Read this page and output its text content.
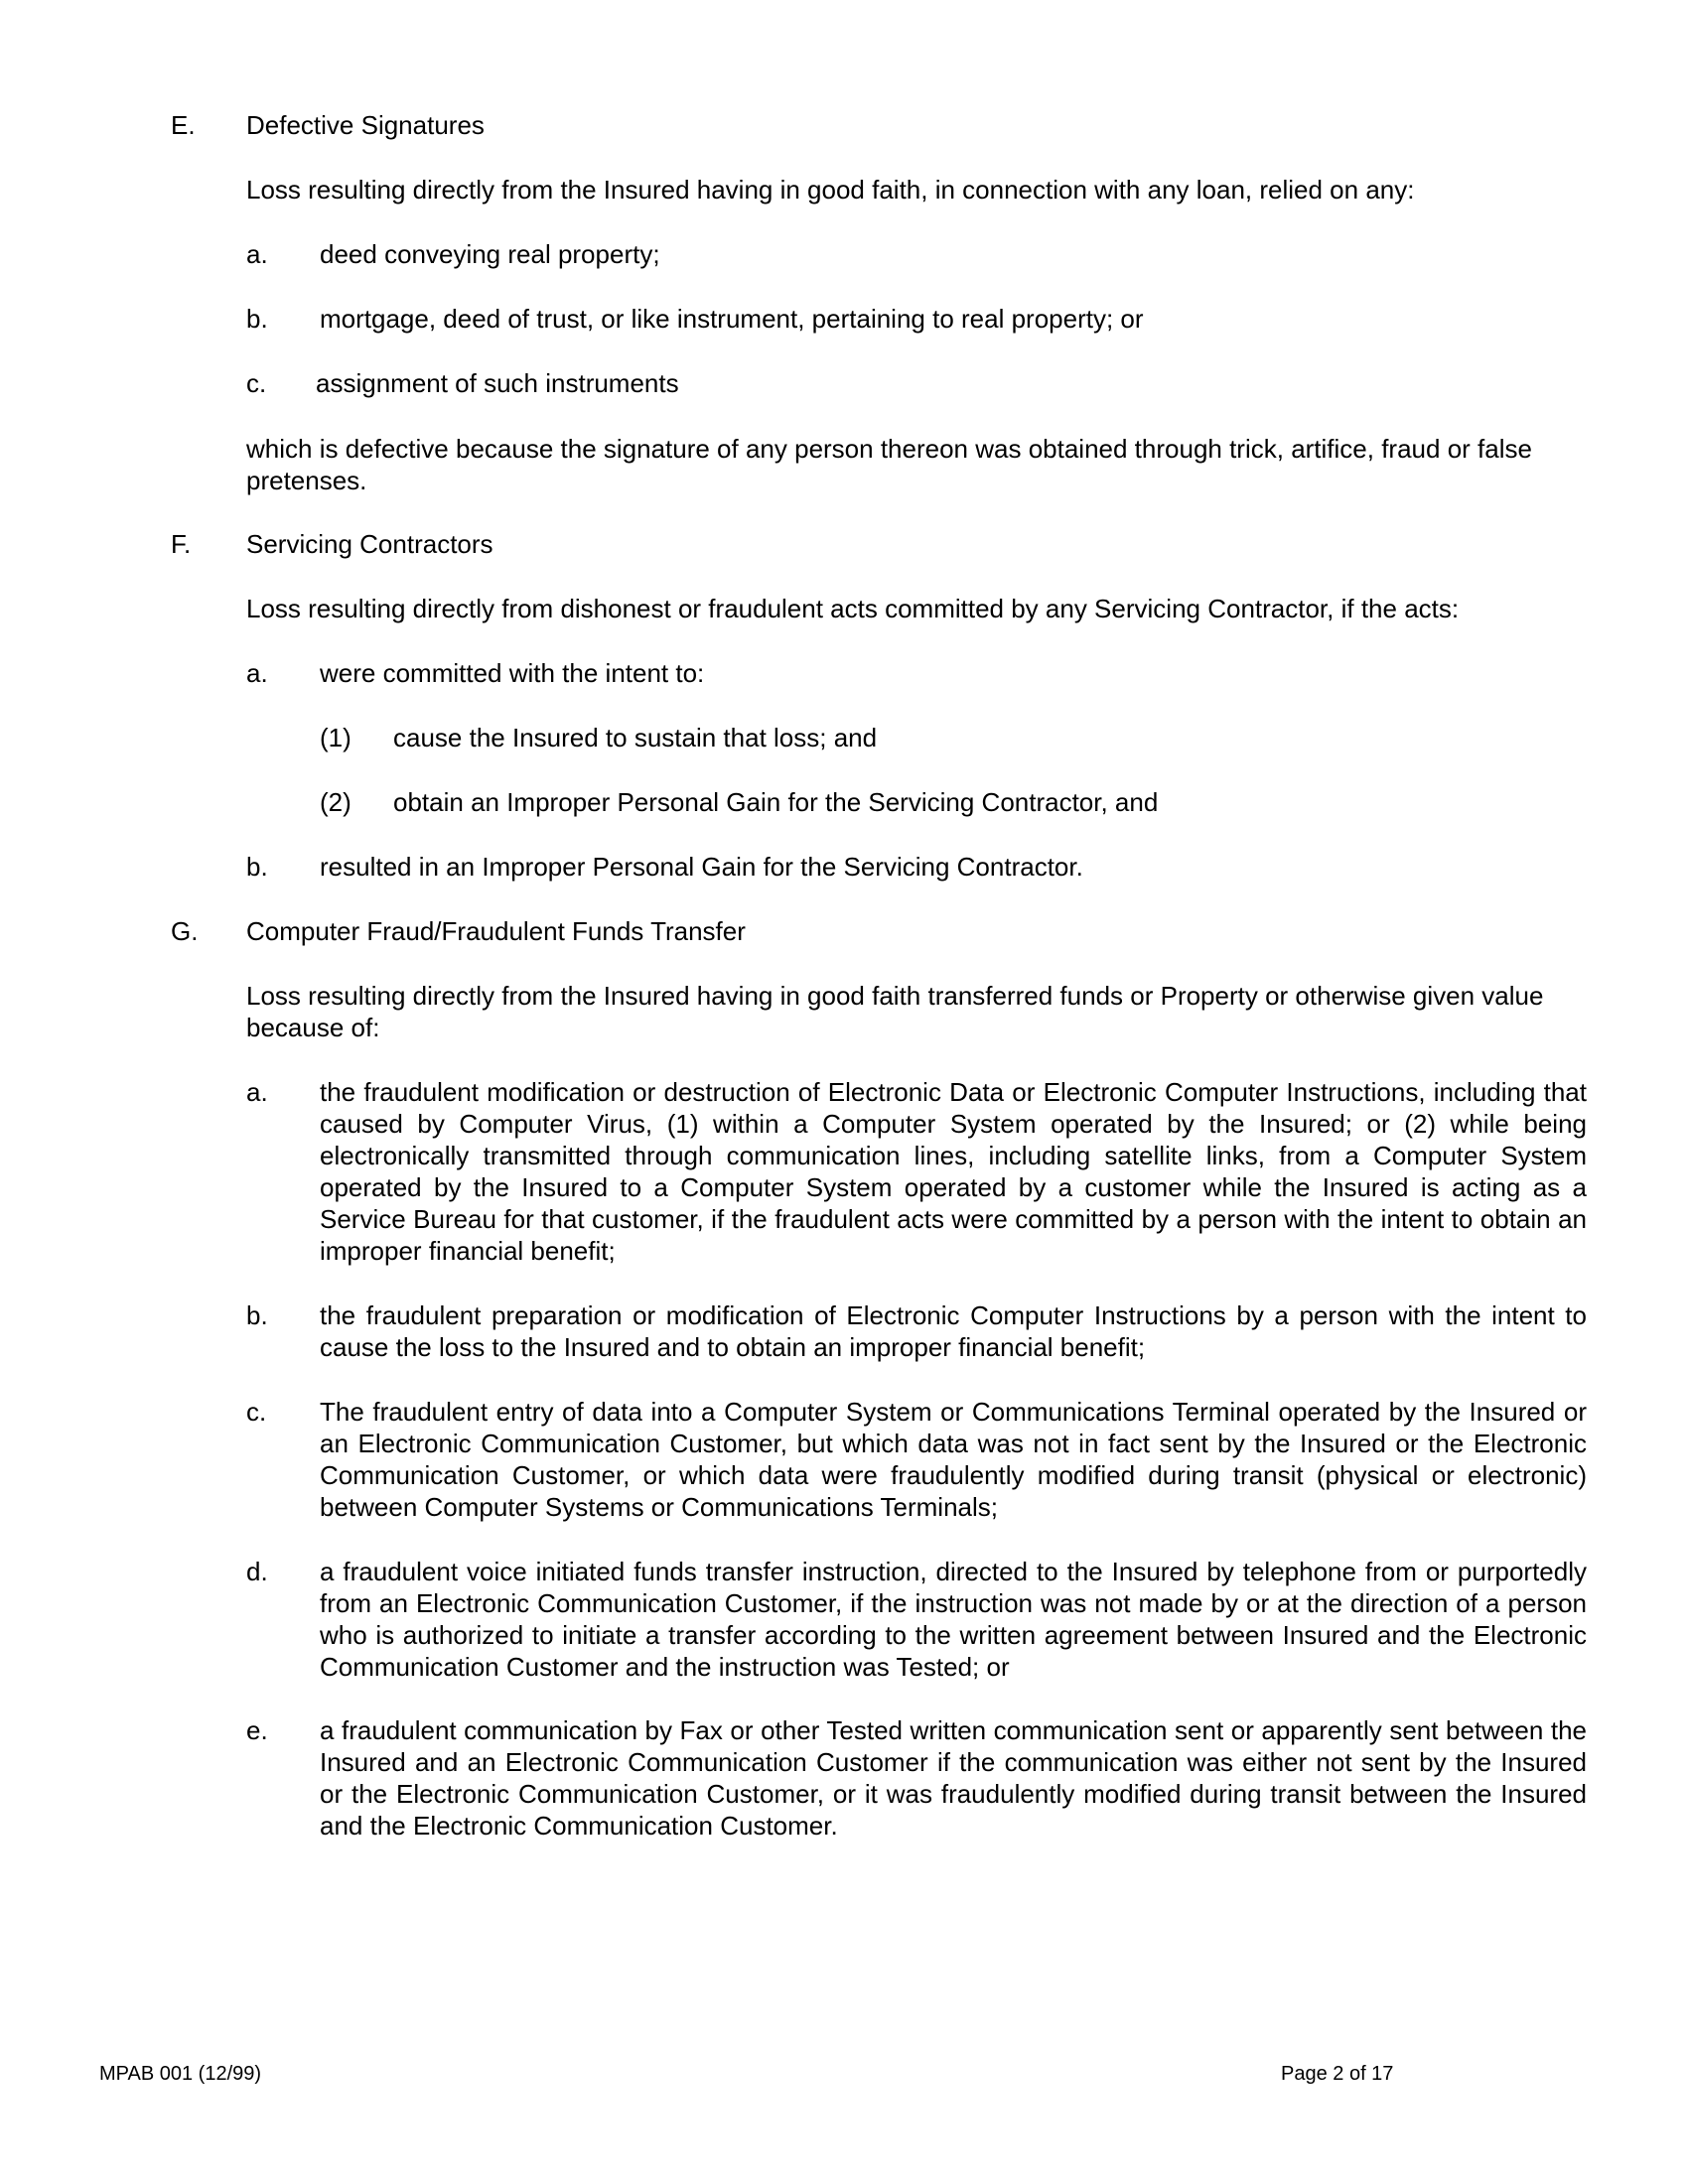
E.	Defective Signatures
Loss resulting directly from the Insured having in good faith, in connection with any loan, relied on any:
a.	deed conveying real property;
b.	mortgage, deed of trust, or like instrument, pertaining to real property; or
c.	assignment of such instruments
which is defective because the signature of any person thereon was obtained through trick, artifice, fraud or false pretenses.
F.	Servicing Contractors
Loss resulting directly from dishonest or fraudulent acts committed by any Servicing Contractor, if the acts:
a.	were committed with the intent to:
(1)	cause the Insured to sustain that loss; and
(2)	obtain an Improper Personal Gain for the Servicing Contractor, and
b.	resulted in an Improper Personal Gain for the Servicing Contractor.
G.	Computer Fraud/Fraudulent Funds Transfer
Loss resulting directly from the Insured having in good faith transferred funds or Property or otherwise given value because of:
a.	the fraudulent modification or destruction of Electronic Data or Electronic Computer Instructions, including that caused by Computer Virus, (1) within a Computer System operated by the Insured; or (2) while being electronically transmitted through communication lines, including satellite links, from a Computer System operated by the Insured to a Computer System operated by a customer while the Insured is acting as a Service Bureau for that customer, if the fraudulent acts were committed by a person with the intent to obtain an improper financial benefit;
b.	the fraudulent preparation or modification of Electronic Computer Instructions by a person with the intent to cause the loss to the Insured and to obtain an improper financial benefit;
c.	The fraudulent entry of data into a Computer System or Communications Terminal operated by the Insured or an Electronic Communication Customer, but which data was not in fact sent by the Insured or the Electronic Communication Customer, or which data were fraudulently modified during transit (physical or electronic) between Computer Systems or Communications Terminals;
d.	a fraudulent voice initiated funds transfer instruction, directed to the Insured by telephone from or purportedly from an Electronic Communication Customer, if the instruction was not made by or at the direction of a person who is authorized to initiate a transfer according to the written agreement between Insured and the Electronic Communication Customer and the instruction was Tested; or
e.	a fraudulent communication by Fax or other Tested written communication sent or apparently sent between the Insured and an Electronic Communication Customer if the communication was either not sent by the Insured or the Electronic Communication Customer, or it was fraudulently modified during transit between the Insured and the Electronic Communication Customer.
MPAB 001 (12/99)	Page 2 of 17
